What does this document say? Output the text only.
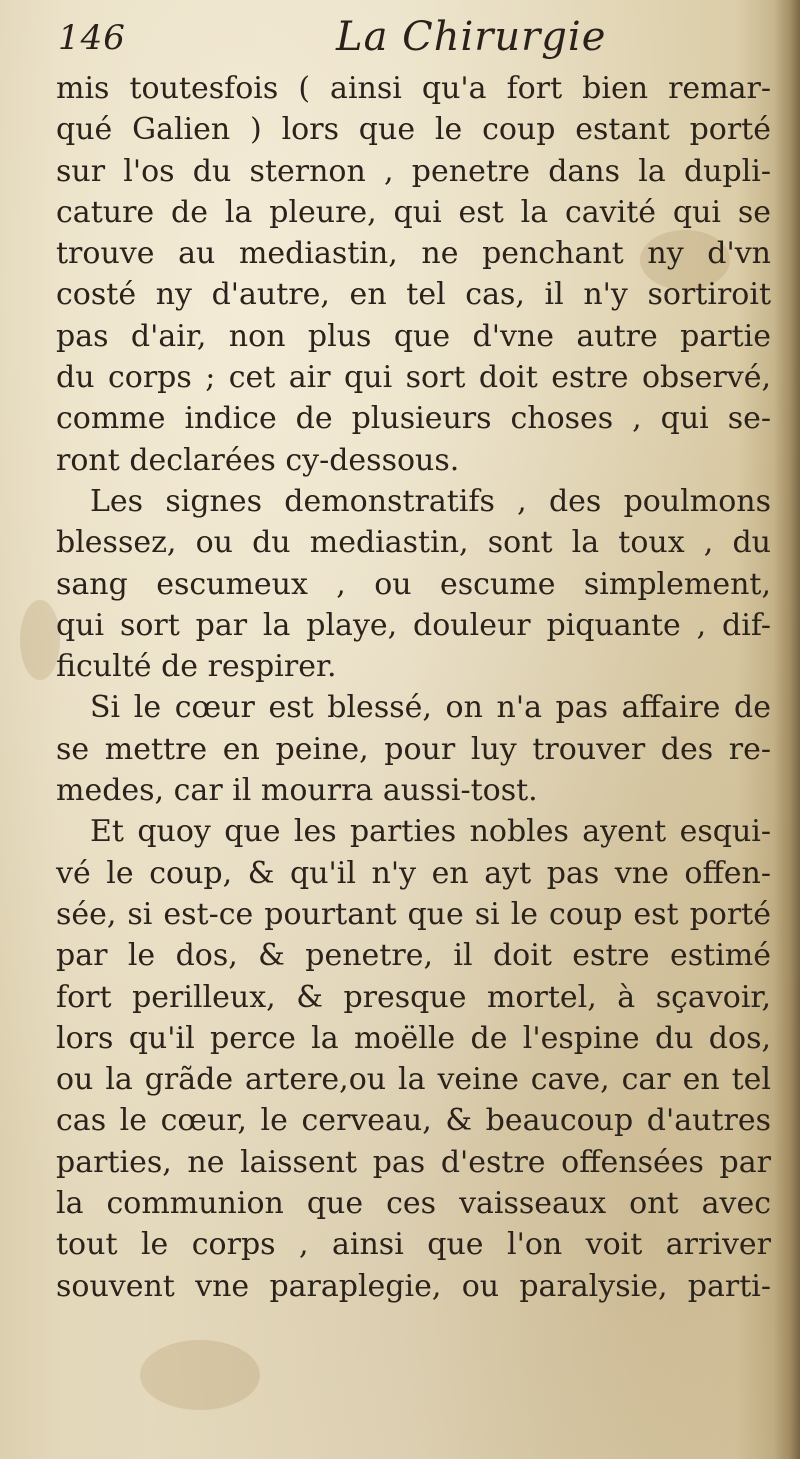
146	La Chirurgie
mis toutesfois ( ainsi qu'a fort bien remar-
qué Galien ) lors que le coup estant porté
sur l'os du sternon , penetre dans la dupli-
cature de la pleure, qui est la cavité qui se
trouve au mediastin, ne penchant ny d'vn
costé ny d'autre, en tel cas, il n'y sortiroit
pas d'air, non plus que d'vne autre partie
du corps ; cet air qui sort doit estre observé,
comme indice de plusieurs choses , qui se-
ront declarées cy-dessous.
Les signes demonstratifs , des poulmons
blessez, ou du mediastin, sont la toux , du
sang escumeux , ou escume simplement,
qui sort par la playe, douleur piquante , dif-
ficulté de respirer.
Si le cœur est blessé, on n'a pas affaire de
se mettre en peine, pour luy trouver des re-
medes, car il mourra aussi-tost.
Et quoy que les parties nobles ayent esqui-
vé le coup, & qu'il n'y en ayt pas vne offen-
sée, si est-ce pourtant que si le coup est porté
par le dos, & penetre, il doit estre estimé
fort perilleux, & presque mortel, à sçavoir,
lors qu'il perce la moëlle de l'espine du dos,
ou la grãde artere,ou la veine cave, car en tel
cas le cœur, le cerveau, & beaucoup d'autres
parties, ne laissent pas d'estre offensées par
la communion que ces vaisseaux ont avec
tout le corps , ainsi que l'on voit arriver
souvent vne paraplegie, ou paralysie, parti-
